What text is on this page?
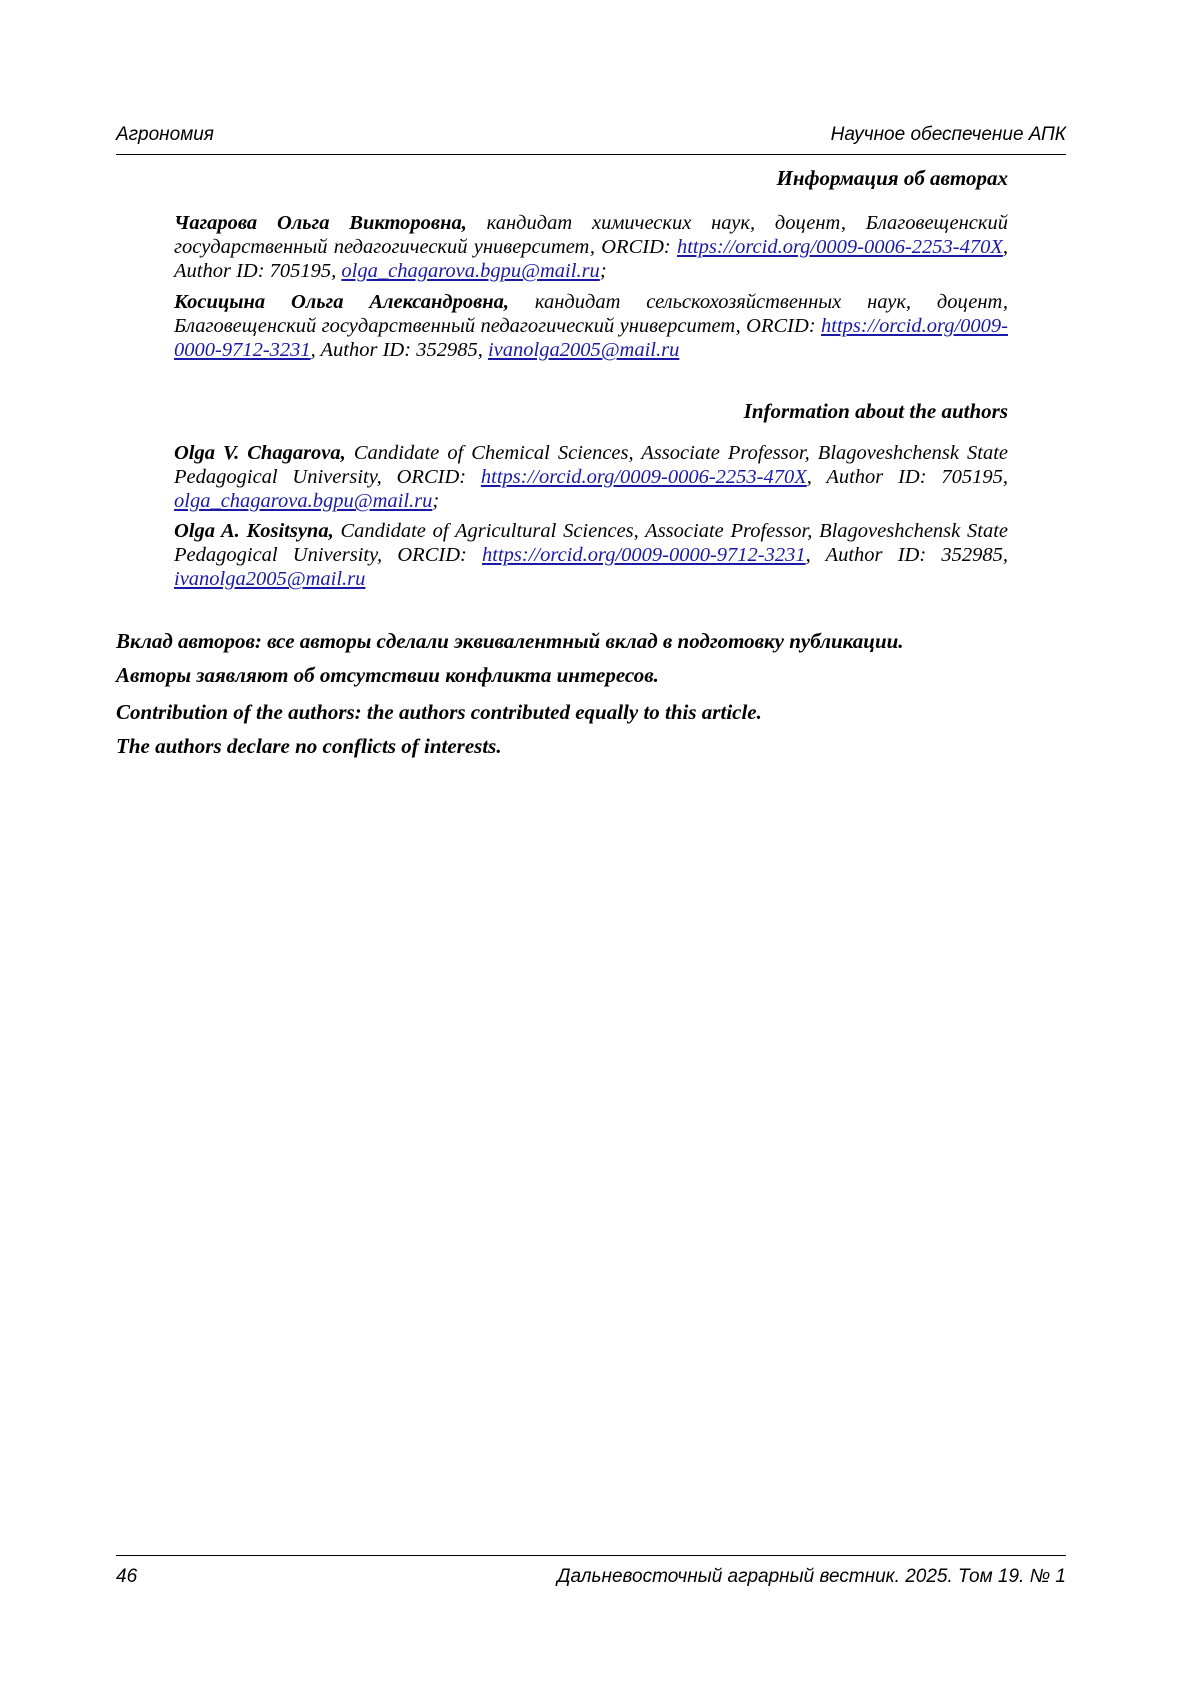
Агрономия	Научное обеспечение АПК
Информация об авторах
Чагарова Ольга Викторовна, кандидат химических наук, доцент, Благовещенский государственный педагогический университет, ORCID: https://orcid.​org/0009-0006-2253-470X, Author ID: 705195, olga_chagarova.bgpu@mail.ru;
Косицына Ольга Александровна, кандидат сельскохозяйственных наук, доцент, Благовещенский государственный педагогический университет, ORCID: https://orcid.org/0009-0000-9712-3231, Author ID: 352985, ivanolga2005@mail.ru
Information about the authors
Olga V. Chagarova, Candidate of Chemical Sciences, Associate Professor, Blagoveshchensk State Pedagogical University, ORCID: https://orcid.org/0009-0006-​2253-470X, Author ID: 705195, olga_chagarova.bgpu@mail.ru;
Olga A. Kositsyna, Candidate of Agricultural Sciences, Associate Professor, Blagoveshchensk State Pedagogical University, ORCID: https://orcid.org/0009-0000-​9712-3231, Author ID: 352985, ivanolga2005@mail.ru
Вклад авторов: все авторы сделали эквивалентный вклад в подготовку публикации.
Авторы заявляют об отсутствии конфликта интересов.
Contribution of the authors: the authors contributed equally to this article.
The authors declare no conflicts of interests.
46	Дальневосточный аграрный вестник. 2025. Том 19. № 1
